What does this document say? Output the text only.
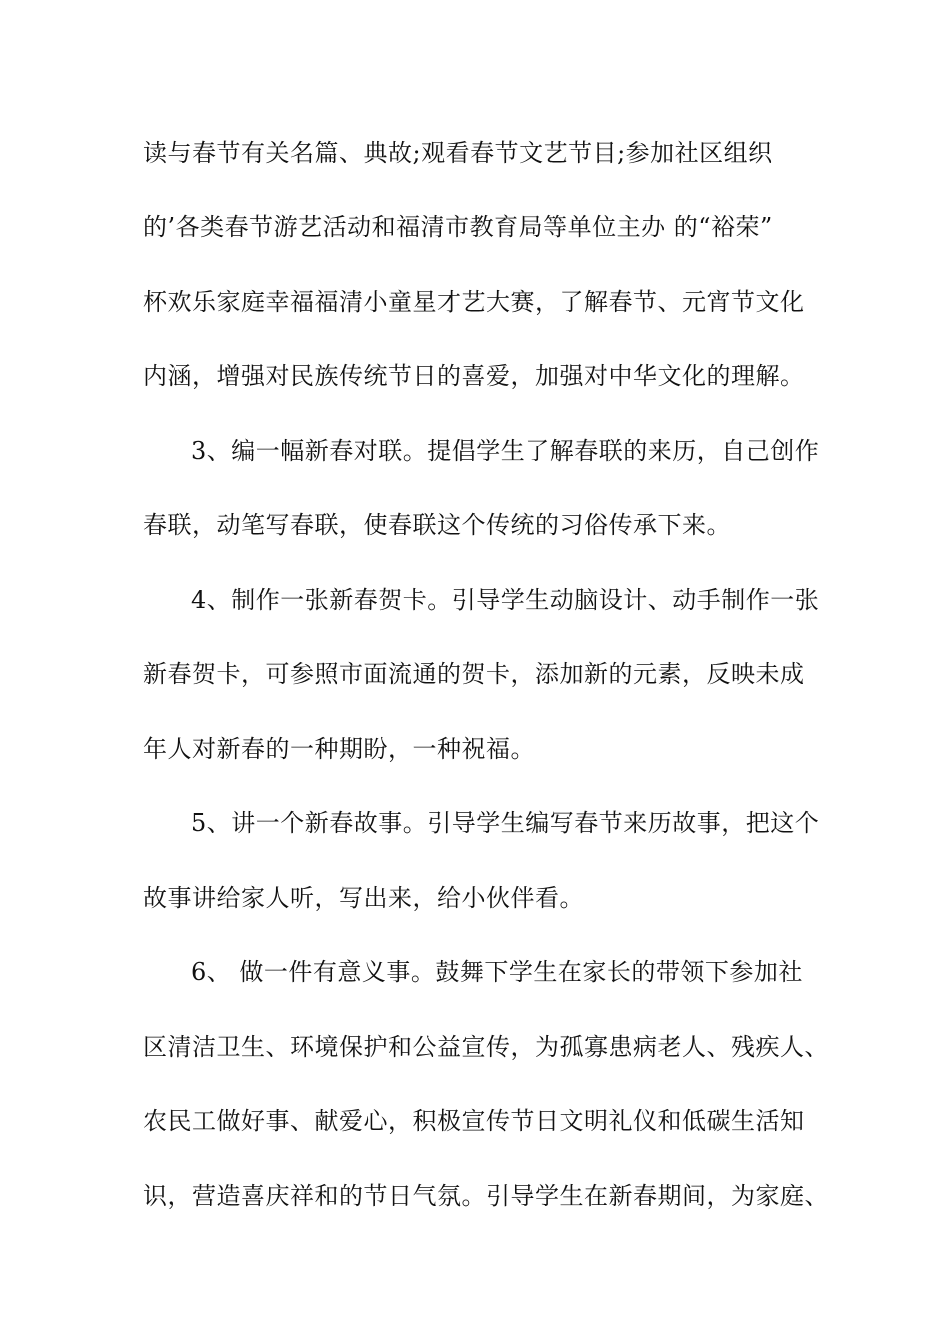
读与春节有关名篇、典故;观看春节文艺节目;参加社区组织
的’各类春节游艺活动和福清市教育局等单位主办 的“裕荣”
杯欢乐家庭幸福福清小童星才艺大赛，了解春节、元宵节文化
内涵，增强对民族传统节日的喜爱，加强对中华文化的理解。
3、编一幅新春对联。提倡学生了解春联的来历，自己创作
春联，动笔写春联，使春联这个传统的习俗传承下来。
4、制作一张新春贺卡。引导学生动脑设计、动手制作一张
新春贺卡，可参照市面流通的贺卡，添加新的元素，反映未成
年人对新春的一种期盼，一种祝福。
5、讲一个新春故事。引导学生编写春节来历故事，把这个
故事讲给家人听，写出来，给小伙伴看。
6、 做一件有意义事。鼓舞下学生在家长的带领下参加社
区清洁卫生、环境保护和公益宣传，为孤寡患病老人、残疾人、
农民工做好事、献爱心，积极宣传节日文明礼仪和低碳生活知
识，营造喜庆祥和的节日气氛。引导学生在新春期间，为家庭、
